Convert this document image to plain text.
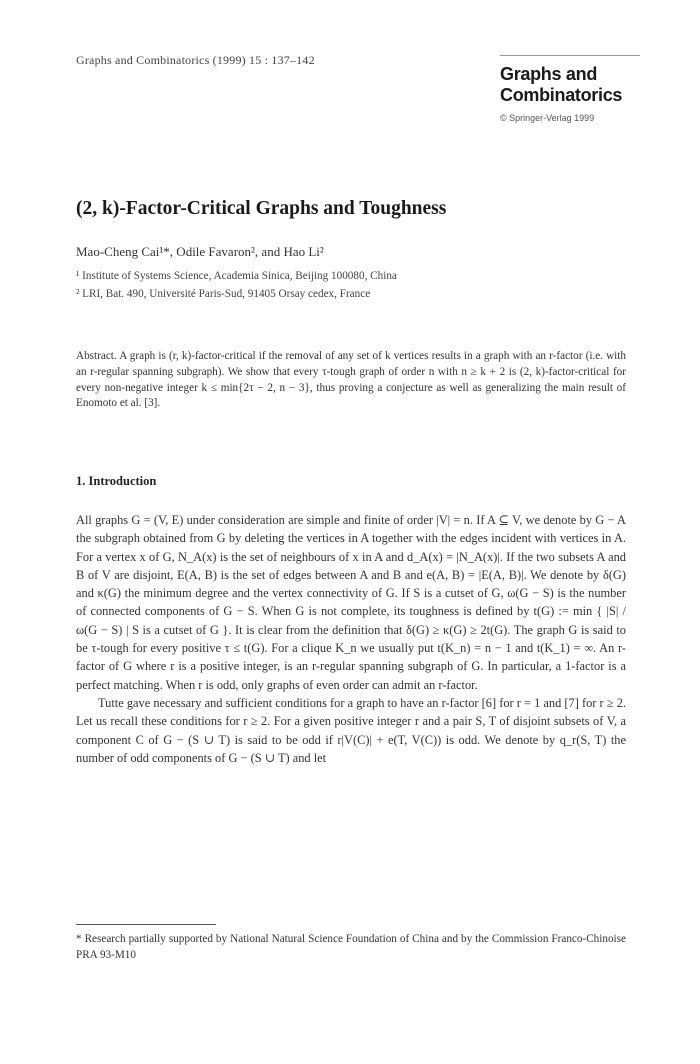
Graphs and Combinatorics (1999) 15 : 137–142
Graphs and Combinatorics
© Springer-Verlag 1999
(2, k)-Factor-Critical Graphs and Toughness
Mao-Cheng Cai¹*, Odile Favaron², and Hao Li²
¹ Institute of Systems Science, Academia Sinica, Beijing 100080, China
² LRI, Bat. 490, Université Paris-Sud, 91405 Orsay cedex, France

Abstract. A graph is (r, k)-factor-critical if the removal of any set of k vertices results in a graph with an r-factor (i.e. with an r-regular spanning subgraph). We show that every τ-tough graph of order n with n ≥ k + 2 is (2, k)-factor-critical for every non-negative integer k ≤ min{2τ − 2, n − 3}, thus proving a conjecture as well as generalizing the main result of Enomoto et al. [3].

1. Introduction

All graphs G = (V, E) under consideration are simple and finite of order |V| = n. If A ⊆ V, we denote by G − A the subgraph obtained from G by deleting the vertices in A together with the edges incident with vertices in A. For a vertex x of G, N_A(x) is the set of neighbours of x in A and d_A(x) = |N_A(x)|. If the two subsets A and B of V are disjoint, E(A, B) is the set of edges between A and B and e(A, B) = |E(A, B)|. We denote by δ(G) and κ(G) the minimum degree and the vertex connectivity of G. If S is a cutset of G, ω(G − S) is the number of connected components of G − S. When G is not complete, its toughness is defined by t(G) := min { |S| / ω(G − S) | S is a cutset of G }. It is clear from the definition that δ(G) ≥ κ(G) ≥ 2t(G). The graph G is said to be τ-tough for every positive τ ≤ t(G). For a clique K_n we usually put t(K_n) = n − 1 and t(K_1) = ∞. An r-factor of G where r is a positive integer, is an r-regular spanning subgraph of G. In particular, a 1-factor is a perfect matching. When r is odd, only graphs of even order can admit an r-factor.

Tutte gave necessary and sufficient conditions for a graph to have an r-factor [6] for r = 1 and [7] for r ≥ 2. Let us recall these conditions for r ≥ 2. For a given positive integer r and a pair S, T of disjoint subsets of V, a component C of G − (S ∪ T) is said to be odd if r|V(C)| + e(T, V(C)) is odd. We denote by q_r(S, T) the number of odd components of G − (S ∪ T) and let

* Research partially supported by National Natural Science Foundation of China and by the Commission Franco-Chinoise PRA 93-M10
